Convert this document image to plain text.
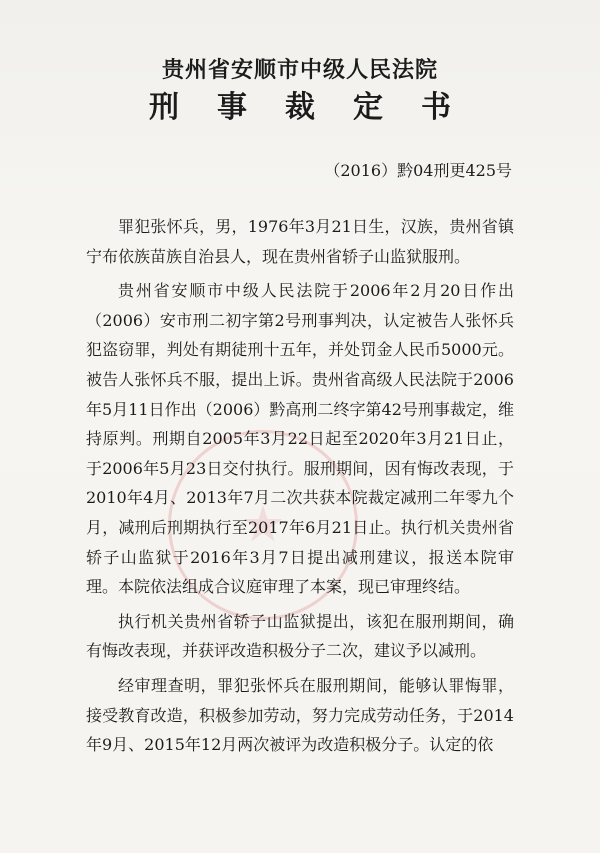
贵州省安顺市中级人民法院
刑事裁定书
（2016）黔04刑更425号

罪犯张怀兵，男，1976年3月21日生，汉族，贵州省镇宁布依族苗族自治县人，现在贵州省轿子山监狱服刑。

贵州省安顺市中级人民法院于2006年2月20日作出（2006）安市刑二初字第2号刑事判决，认定被告人张怀兵犯盗窃罪，判处有期徒刑十五年，并处罚金人民币5000元。被告人张怀兵不服，提出上诉。贵州省高级人民法院于2006年5月11日作出（2006）黔高刑二终字第42号刑事裁定，维持原判。刑期自2005年3月22日起至2020年3月21日止，于2006年5月23日交付执行。服刑期间，因有悔改表现，于2010年4月、2013年7月二次共获本院裁定减刑二年零九个月，减刑后刑期执行至2017年6月21日止。执行机关贵州省轿子山监狱于2016年3月7日提出减刑建议，报送本院审理。本院依法组成合议庭审理了本案，现已审理终结。

执行机关贵州省轿子山监狱提出，该犯在服刑期间，确有悔改表现，并获评改造积极分子二次，建议予以减刑。

经审理查明，罪犯张怀兵在服刑期间，能够认罪悔罪，接受教育改造，积极参加劳动，努力完成劳动任务，于2014年9月、2015年12月两次被评为改造积极分子。认定的依
